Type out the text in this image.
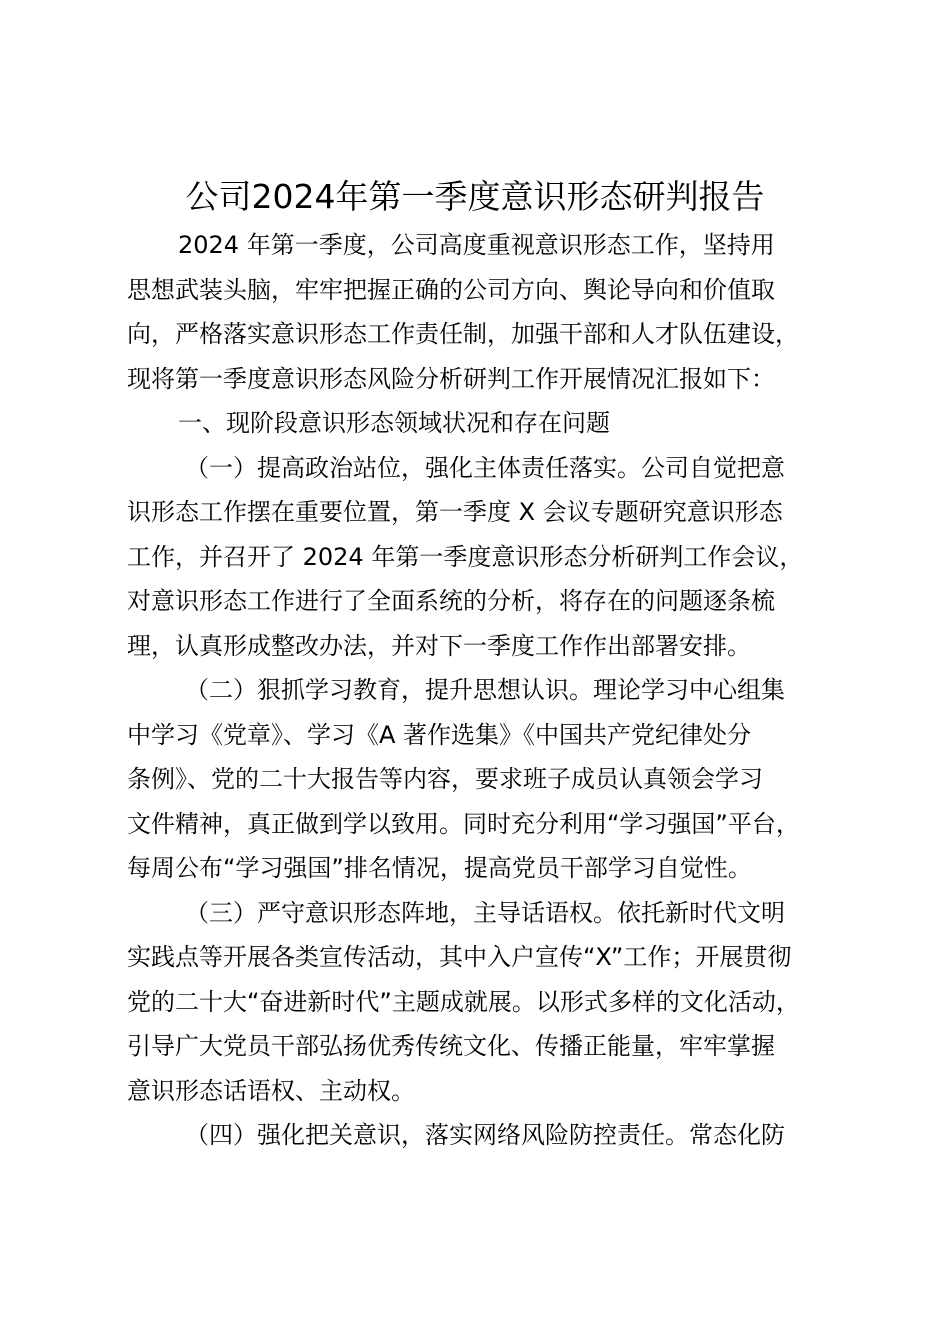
公司2024年第一季度意识形态研判报告

2024 年第一季度，公司高度重视意识形态工作，坚持用
思想武装头脑，牢牢把握正确的公司方向、舆论导向和价值取
向，严格落实意识形态工作责任制，加强干部和人才队伍建设，
现将第一季度意识形态风险分析研判工作开展情况汇报如下：

一、现阶段意识形态领域状况和存在问题

（一）提高政治站位，强化主体责任落实。公司自觉把意
识形态工作摆在重要位置，第一季度 X 会议专题研究意识形态
工作，并召开了 2024 年第一季度意识形态分析研判工作会议，
对意识形态工作进行了全面系统的分析，将存在的问题逐条梳
理，认真形成整改办法，并对下一季度工作作出部署安排。

（二）狠抓学习教育，提升思想认识。理论学习中心组集
中学习《党章》、学习《A 著作选集》《中国共产党纪律处分
条例》、党的二十大报告等内容，要求班子成员认真领会学习
文件精神，真正做到学以致用。同时充分利用“学习强国”平台，
每周公布“学习强国”排名情况，提高党员干部学习自觉性。

（三）严守意识形态阵地，主导话语权。依托新时代文明
实践点等开展各类宣传活动，其中入户宣传“X”工作；开展贯彻
党的二十大“奋进新时代”主题成就展。以形式多样的文化活动，
引导广大党员干部弘扬优秀传统文化、传播正能量，牢牢掌握
意识形态话语权、主动权。

（四）强化把关意识，落实网络风险防控责任。常态化防
